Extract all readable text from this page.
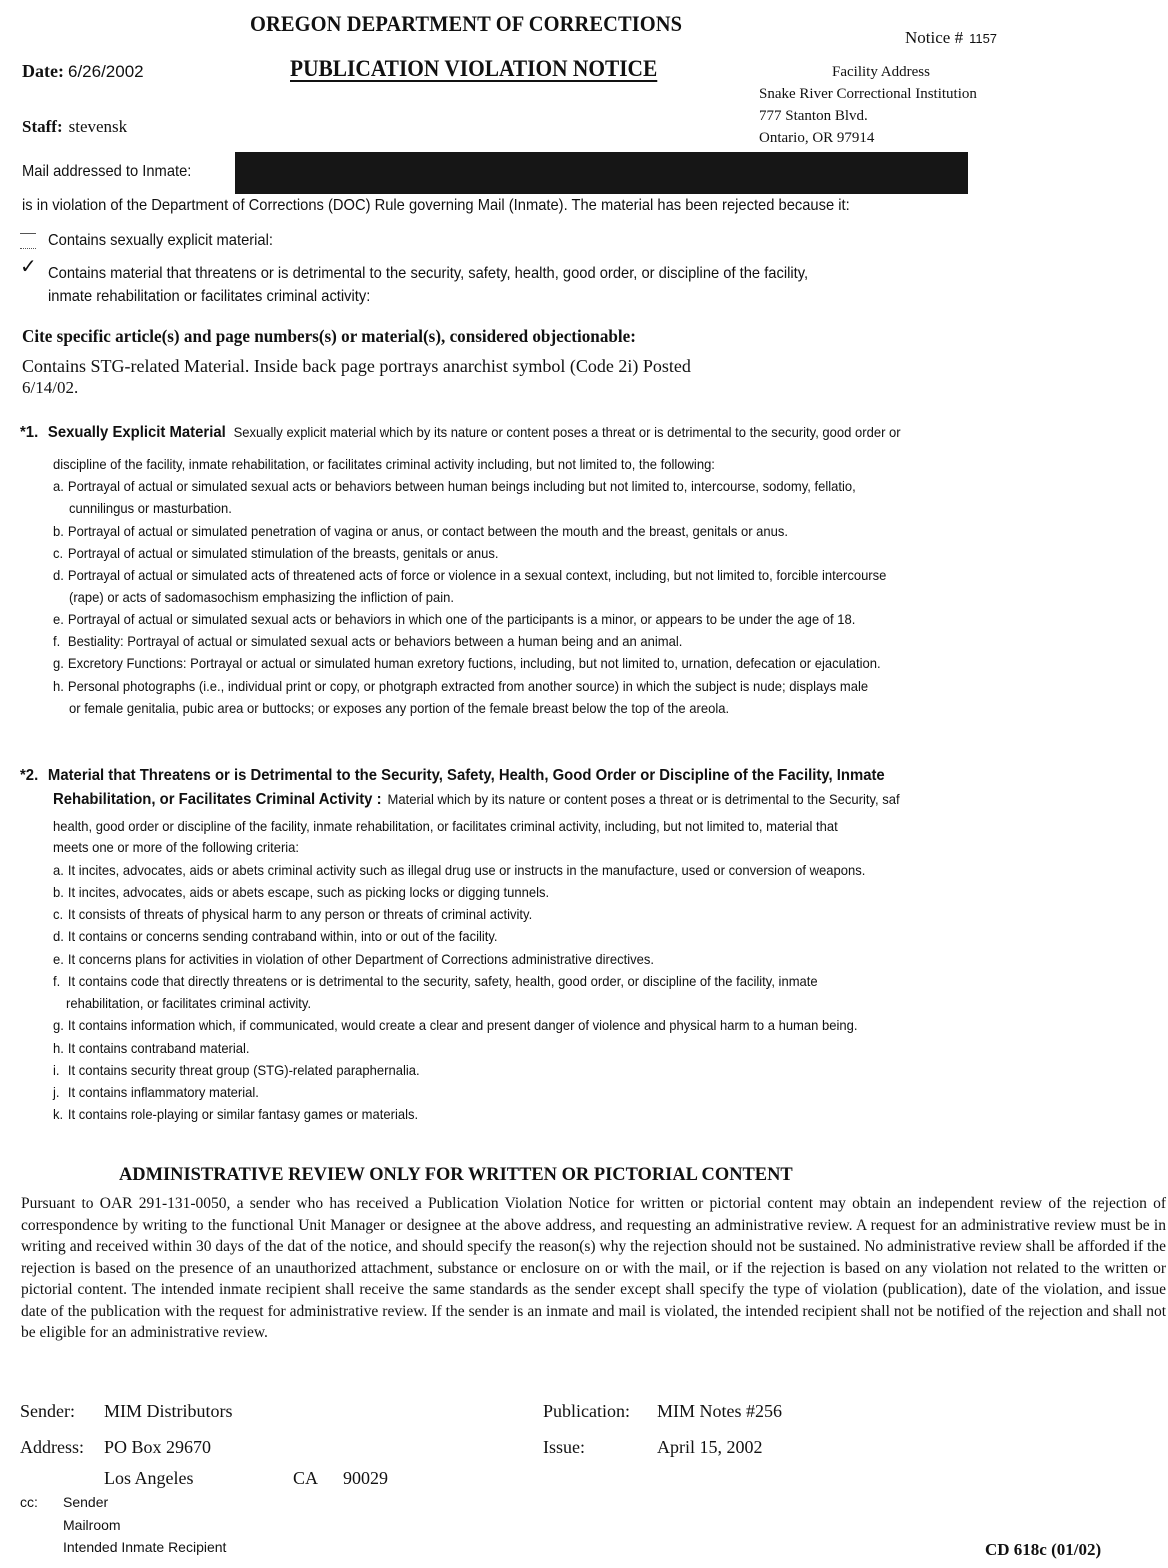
OREGON DEPARTMENT OF CORRECTIONS
Notice # 1157
Date: 6/26/2002	PUBLICATION VIOLATION NOTICE	Facility Address
Snake River Correctional Institution
777 Stanton Blvd.
Ontario, OR 97914
Staff: stevensk
Mail addressed to Inmate:
is in violation of the Department of Corrections (DOC) Rule governing Mail (Inmate). The material has been rejected because it:
Contains sexually explicit material:
✓ Contains material that threatens or is detrimental to the security, safety, health, good order, or discipline of the facility,
inmate rehabilitation or facilitates criminal activity:
Cite specific article(s) and page numbers(s) or material(s), considered objectionable:
Contains STG-related Material. Inside back page portrays anarchist symbol (Code 2i) Posted
6/14/02.
*1. Sexually Explicit Material Sexually explicit material which by its nature or content poses a threat or is detrimental to the security, good order or
discipline of the facility, inmate rehabilitation, or facilitates criminal activity including, but not limited to, the following:
a. Portrayal of actual or simulated sexual acts or behaviors between human beings including but not limited to, intercourse, sodomy, fellatio,
cunnilingus or masturbation.
b. Portrayal of actual or simulated penetration of vagina or anus, or contact between the mouth and the breast, genitals or anus.
c. Portrayal of actual or simulated stimulation of the breasts, genitals or anus.
d. Portrayal of actual or simulated acts of threatened acts of force or violence in a sexual context, including, but not limited to, forcible intercourse
(rape) or acts of sadomasochism emphasizing the infliction of pain.
e. Portrayal of actual or simulated sexual acts or behaviors in which one of the participants is a minor, or appears to be under the age of 18.
f. Bestiality: Portrayal of actual or simulated sexual acts or behaviors between a human being and an animal.
g. Excretory Functions: Portrayal or actual or simulated human exretory fuctions, including, but not limited to, urnation, defecation or ejaculation.
h. Personal photographs (i.e., individual print or copy, or photgraph extracted from another source) in which the subject is nude; displays male
or female genitalia, pubic area or buttocks; or exposes any portion of the female breast below the top of the areola.
*2. Material that Threatens or is Detrimental to the Security, Safety, Health, Good Order or Discipline of the Facility, Inmate
Rehabilitation, or Facilitates Criminal Activity : Material which by its nature or content poses a threat or is detrimental to the Security, saf
health, good order or discipline of the facility, inmate rehabilitation, or facilitates criminal activity, including, but not limited to, material that
meets one or more of the following criteria:
a. It incites, advocates, aids or abets criminal activity such as illegal drug use or instructs in the manufacture, used or conversion of weapons.
b. It incites, advocates, aids or abets escape, such as picking locks or digging tunnels.
c. It consists of threats of physical harm to any person or threats of criminal activity.
d. It contains or concerns sending contraband within, into or out of the facility.
e. It concerns plans for activities in violation of other Department of Corrections administrative directives.
f. It contains code that directly threatens or is detrimental to the security, safety, health, good order, or discipline of the facility, inmate
rehabilitation, or facilitates criminal activity.
g. It contains information which, if communicated, would create a clear and present danger of violence and physical harm to a human being.
h. It contains contraband material.
i. It contains security threat group (STG)-related paraphernalia.
j. It contains inflammatory material.
k. It contains role-playing or similar fantasy games or materials.
ADMINISTRATIVE REVIEW ONLY FOR WRITTEN OR PICTORIAL CONTENT
Pursuant to OAR 291-131-0050, a sender who has received a Publication Violation Notice for written or pictorial content may obtain an independent review of the rejection of correspondence by writing to the functional Unit Manager or designee at the above address, and requesting an administrative review. A request for an administrative review must be in writing and received within 30 days of the dat of the notice, and should specify the reason(s) why the rejection should not be sustained. No administrative review shall be afforded if the rejection is based on the presence of an unauthorized attachment, substance or enclosure on or with the mail, or if the rejection is based on any violation not related to the written or pictorial content. The intended inmate recipient shall receive the same standards as the sender except shall specify the type of violation (publication), date of the violation, and issue date of the publication with the request for administrative review. If the sender is an inmate and mail is violated, the intended recipient shall not be notified of the rejection and shall not be eligible for an administrative review.
Sender: MIM Distributors
Address: PO Box 29670
Los Angeles	CA 90029
Publication: MIM Notes #256
Issue:	April 15, 2002
cc: Sender
Mailroom
Intended Inmate Recipient	CD 618c (01/02)
